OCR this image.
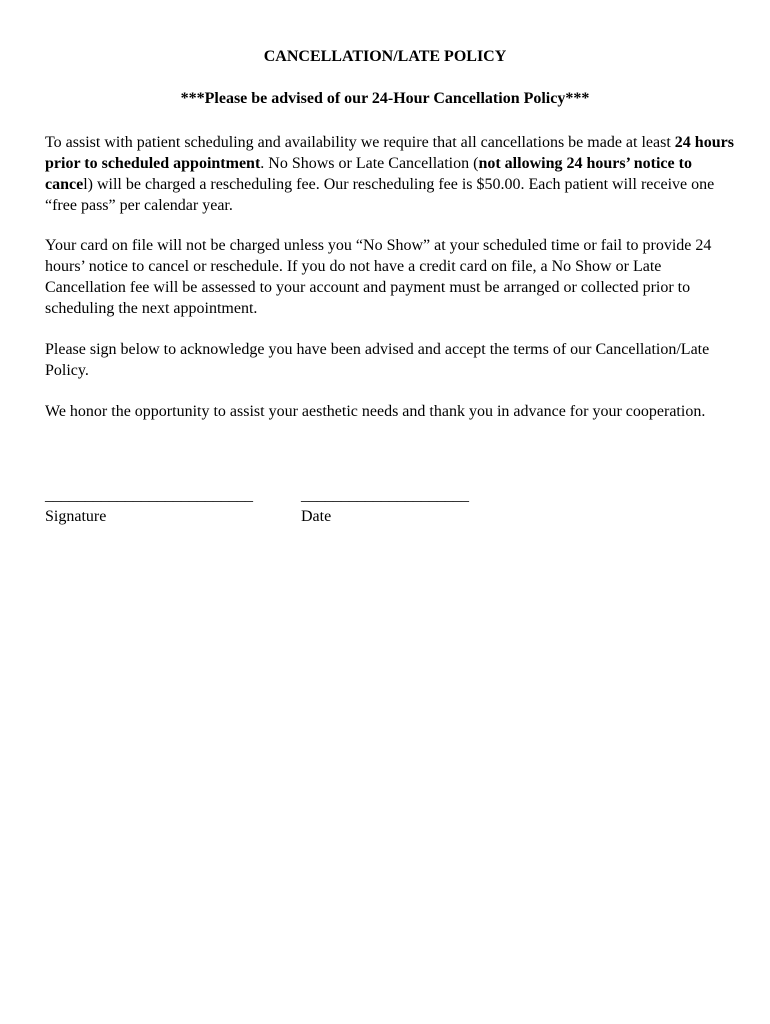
CANCELLATION/LATE POLICY
***Please be advised of our 24-Hour Cancellation Policy***

To assist with patient scheduling and availability we require that all cancellations be made at least 24 hours prior to scheduled appointment. No Shows or Late Cancellation (not allowing 24 hours’ notice to cancel) will be charged a rescheduling fee. Our rescheduling fee is $50.00. Each patient will receive one “free pass” per calendar year.

Your card on file will not be charged unless you “No Show” at your scheduled time or fail to provide 24 hours’ notice to cancel or reschedule. If you do not have a credit card on file, a No Show or Late Cancellation fee will be assessed to your account and payment must be arranged or collected prior to scheduling the next appointment.

Please sign below to acknowledge you have been advised and accept the terms of our Cancellation/Late Policy.

We honor the opportunity to assist your aesthetic needs and thank you in advance for your cooperation.

__________________________
Signature
_____________________
Date
